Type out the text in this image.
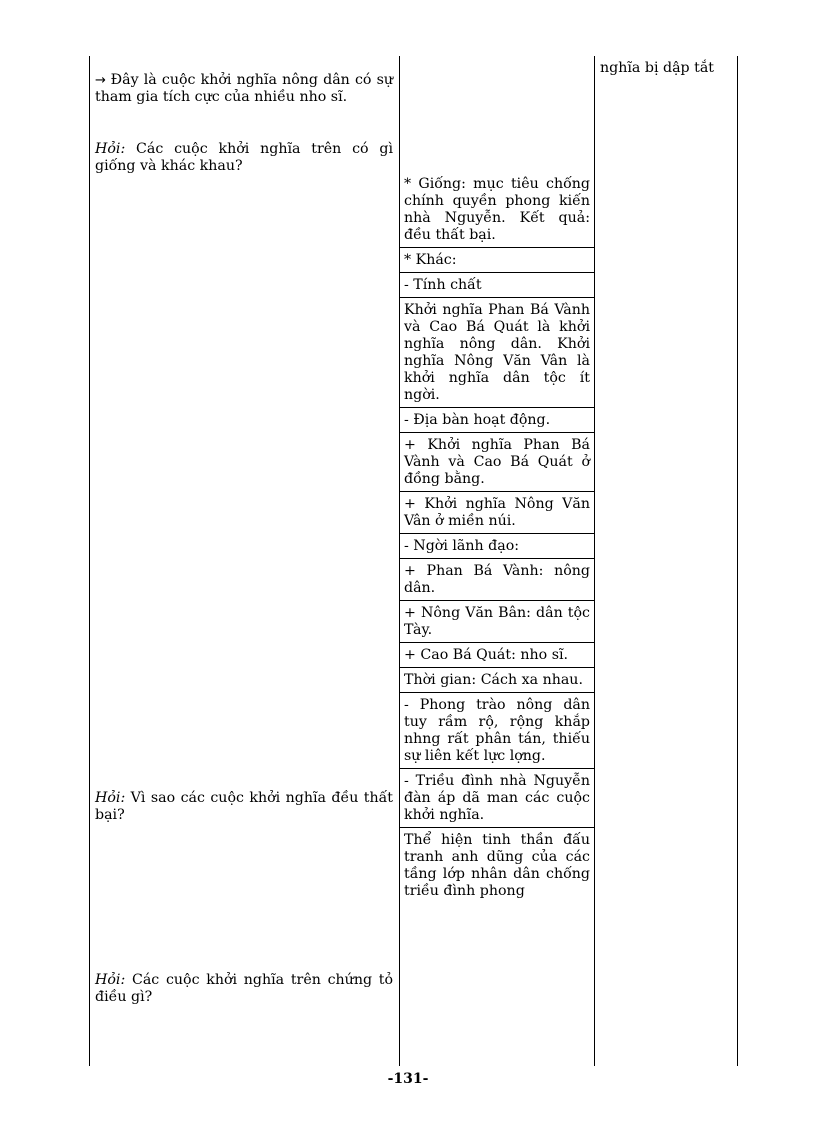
→ Đây là cuộc khởi nghĩa nông dân có sự tham gia tích cực của nhiều nho sĩ.

Hỏi: Các cuộc khởi nghĩa trên có gì giống và khác khau?

Hỏi: Vì sao các cuộc khởi nghĩa đều thất bại?

Hỏi: Các cuộc khởi nghĩa trên chứng tỏ điều gì?

* Giống: mục tiêu chống chính quyền phong kiến nhà Nguyễn. Kết quả: đều thất bại.

* Khác:

- Tính chất

Khởi nghĩa Phan Bá Vành và Cao Bá Quát là khởi nghĩa nông dân. Khởi nghĩa Nông Văn Vân là khởi nghĩa dân tộc ít ngời.

- Địa bàn hoạt động.

+ Khởi nghĩa Phan Bá Vành và Cao Bá Quát ở đồng bằng.

+ Khởi nghĩa Nông Văn Vân ở miền núi.

- Ngời lãnh đạo:

+ Phan Bá Vành: nông dân.

+ Nông Văn Bân: dân tộc Tày.

+ Cao Bá Quát: nho sĩ.

Thời gian: Cách xa nhau.

- Phong trào nông dân tuy rầm rộ, rộng khắp nhng rất phân tán, thiếu sự liên kết lực lợng.

- Triều đình nhà Nguyễn đàn áp dã man các cuộc khởi nghĩa.

Thể hiện tinh thần đấu tranh anh dũng của các tầng lớp nhân dân chống triều đình phong

nghĩa bị dập tắt

-131-
